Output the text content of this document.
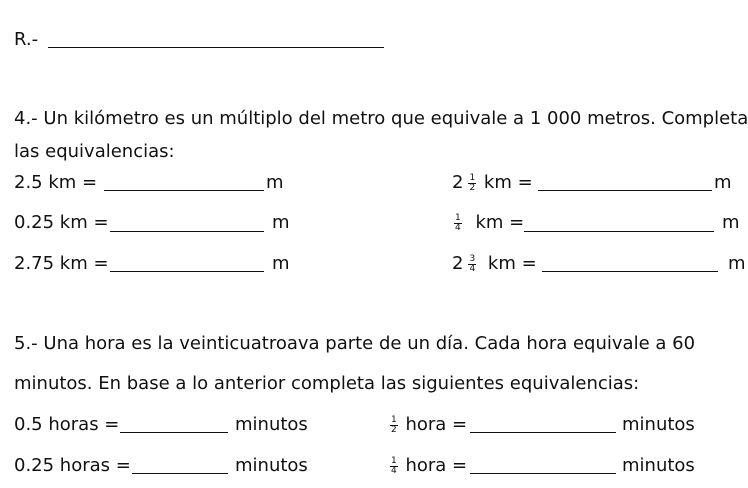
R.-
4.- Un kilómetro es un múltiplo del metro que equivale a 1 000 metros. Completa
las equivalencias:
2.5 km =	m
0.25 km =	m
2.75 km =	m
$2 \frac{1}{2}$ km =	m
$\frac{1}{4}$ km =	m
$2 \frac{3}{4}$ km =	m
5.- Una hora es la veinticuatroava parte de un día. Cada hora equivale a 60
minutos. En base a lo anterior completa las siguientes equivalencias:
0.5 horas =	minutos
0.25 horas =	minutos
$\frac{1}{2}$ hora =	minutos
$\frac{1}{4}$ hora =	minutos
